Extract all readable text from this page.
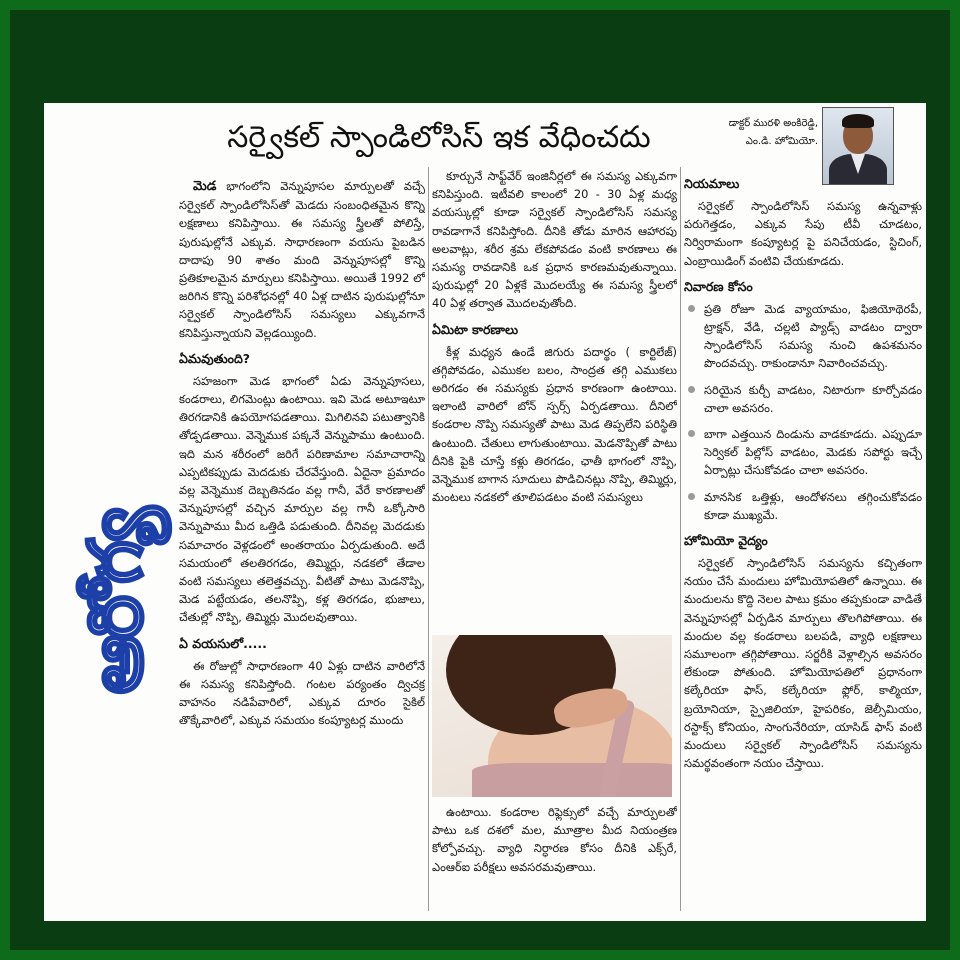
ఆరోగ్య
సర్వైకల్ స్పాండిలోసిస్ ఇక వేధించదు	డాక్టర్ మురళి అంకిరెడ్డి,
ఎం.డి. హోమియో.

మెడ భాగంలోని వెన్నుపూసల మార్పులతో వచ్చే సర్వైకల్ స్పాండిలోసిస్‌తో మెడదు సంబంధితమైన కొన్ని లక్షణాలు కనిపిస్తాయి. ఈ సమస్య స్త్రీలతో పోలిస్తే, పురుషుల్లోనే ఎక్కువ. సాధారణంగా వయసు పైబడిన దాదాపు 90 శాతం మంది వెన్నుపూసల్లో కొన్ని ప్రతికూలమైన మార్పులు కనిపిస్తాయి. అయితే 1992 లో జరిగిన కొన్ని పరిశోధనల్లో 40 ఏళ్ల దాటిన పురుషుల్లోనూ సర్వైకల్ స్పాండిలోసిస్ సమస్యలు ఎక్కువగానే కనిపిస్తున్నాయని వెల్లడయ్యింది.

ఏమవుతుంది?

సహజంగా మెడ భాగంలో ఏడు వెన్నుపూసలు, కండరాలు, లిగమెంట్లు ఉంటాయి. ఇవి మెడ అటూఇటూ తిరగడానికి ఉపయోగపడతాయి. మిగిలినవి పటుత్వానికి తోడ్పడతాయి. వెన్నెముక పక్కనే వెన్నుపాము ఉంటుంది. ఇది మన శరీరంలో జరిగే పరిణామాల సమాచారాన్ని ఎప్పటికప్పుడు మెదడుకు చేరవేస్తుంది. ఏదైనా ప్రమాదం వల్ల వెన్నెముక దెబ్బతినడం వల్ల గానీ, వేరే కారణాలతో వెన్నుపూసల్లో వచ్చిన మార్పుల వల్ల గానీ ఒక్కోసారి వెన్నుపాము మీద ఒత్తిడి పడుతుంది. దీనివల్ల మెదడుకు సమాచారం వెళ్లడంలో అంతరాయం ఏర్పడుతుంది. అదే సమయంలో తలతిరగడం, తిమ్మిర్లు, నడకలో తేడాల వంటి సమస్యలు తలెత్తవచ్చు. వీటితో పాటు మెడనొప్పి, మెడ పట్టేయడం, తలనొప్పి, కళ్ల తిరగడం, భుజాలు, చేతుల్లో నొప్పి, తిమ్మిర్లు మొదలవుతాయి.

ఏ వయసులో.....

ఈ రోజుల్లో సాధారణంగా 40 ఏళ్లు దాటిన వారిలోనే ఈ సమస్య కనిపిస్తోంది. గంటల పర్యంతం ద్విచక్ర వాహనం నడిపేవారిలో, ఎక్కువ దూరం సైకిల్ తొక్కేవారిలో, ఎక్కువ సమయం కంప్యూటర్ల ముందు

కూర్చునే సాఫ్ట్‌వేర్ ఇంజినీర్లలో ఈ సమస్య ఎక్కువగా కనిపిస్తుంది. ఇటీవలి కాలంలో 20 - 30 ఏళ్ల మధ్య వయస్కుల్లో కూడా సర్వైకల్ స్పాండిలోసిస్ సమస్య రావడాగానే కనిపిస్తోంది. దీనికి తోడు మారిన ఆహారపు అలవాట్లు, శరీర శ్రమ లేకపోవడం వంటి కారణాలు ఈ సమస్య రావడానికి ఒక ప్రధాన కారణమవుతున్నాయి. పురుషుల్లో 20 ఏళ్లకే మొదలయ్యే ఈ సమస్య స్త్రీలలో 40 ఏళ్ల తర్వాత మొదలవుతోంది.

ఏమిటా కారణాలు

కీళ్ల మధ్యన ఉండే జిగురు పదార్థం ( కార్టిలేజ్) తగ్గిపోవడం, ఎముకల బలం, సాంద్రత తగ్గి ఎముకలు అరిగడం ఈ సమస్యకు ప్రధాన కారణంగా ఉంటాయి. ఇలాంటి వారిలో బోన్ స్పర్స్ ఏర్పడతాయి. దీనిలో కండరాల నొప్పి సమస్యతో పాటు మెడ తిప్పలేని పరిస్థితి ఉంటుంది. చేతులు లాగుతుంటాయి. మెడనొప్పితో పాటు దీనికి పైకి చూస్తే కళ్లు తిరగడం, ఛాతీ భాగంలో నొప్పి, వెన్నెముక బాగాన సూదులు పొడిచినట్లు నొప్పి, తిమ్మిర్లు, మంటలు నడకలో తూలిపడటం వంటి సమస్యలు

ఉంటాయి. కండరాల రిఫ్లెక్సులో వచ్చే మార్పులతో పాటు ఒక దశలో మల, మూత్రాల మీద నియంత్రణ కోల్పోవచ్చు. వ్యాధి నిర్ధారణ కోసం దీనికి ఎక్స్‌రే, ఎంఆర్‌ఐ పరీక్షలు అవసరమవుతాయి.

నియమాలు

సర్వైకల్ స్పాండిలోసిస్ సమస్య ఉన్నవాళ్లు పరుగెత్తడం, ఎక్కువ సేపు టీవీ చూడటం, నిర్విరామంగా కంప్యూటర్ల పై పనిచేయడం, స్టిచింగ్, ఎంబ్రాయిడింగ్ వంటివి చేయకూడదు.

నివారణ కోసం
ప్రతి రోజూ మెడ వ్యాయామం, ఫిజియోథెరపీ, ట్రాక్షన్, వేడి, చల్లటి ప్యాడ్స్ వాడటం ద్వారా స్పాండిలోసిస్ సమస్య నుంచి ఉపశమనం పొందవచ్చు. రాకుండానూ నివారించవచ్చు.
సరియైన కుర్చీ వాడటం, నిటారుగా కూర్చోవడం చాలా అవసరం.
బాగా ఎత్తయిన దిండును వాడకూడదు. ఎప్పుడూ సెర్వికల్ పిల్లోస్ వాడటం, మెడకు సపోర్టు ఇచ్చే ఏర్పాట్లు చేసుకోవడం చాలా అవసరం.
మానసిక ఒత్తిళ్లు, ఆందోళనలు తగ్గించుకోవడం కూడా ముఖ్యమే.
హోమియో వైద్యం

సర్వైకల్ స్పాండిలోసిస్ సమస్యను కచ్చితంగా నయం చేసే మందులు హోమియోపతిలో ఉన్నాయి. ఈ మందులను కొద్ది నెలల పాటు క్రమం తప్పకుండా వాడితే వెన్నుపూసల్లో ఏర్పడిన మార్పులు తొలగిపోతాయి. ఈ మందుల వల్ల కండరాలు బలపడి, వ్యాధి లక్షణాలు సమూలంగా తగ్గిపోతాయి. సర్జరీకి వెళ్లాల్సిన అవసరం లేకుండా పోతుంది. హోమియోపతిలో ప్రధానంగా కల్కేరియా ఫాస్, కల్కేరియా ఫ్లోర్, కాల్మియా, బ్రయోనియా, స్పైజిలియా, హైపరికం, జెల్సీమియం, రస్టాక్స్ కోనియం, సాంగునేరియా, యాసిడ్ ఫాస్ వంటి మందులు సర్వైకల్ స్పాండిలోసిస్ సమస్యను సమర్థవంతంగా నయం చేస్తాయి.
